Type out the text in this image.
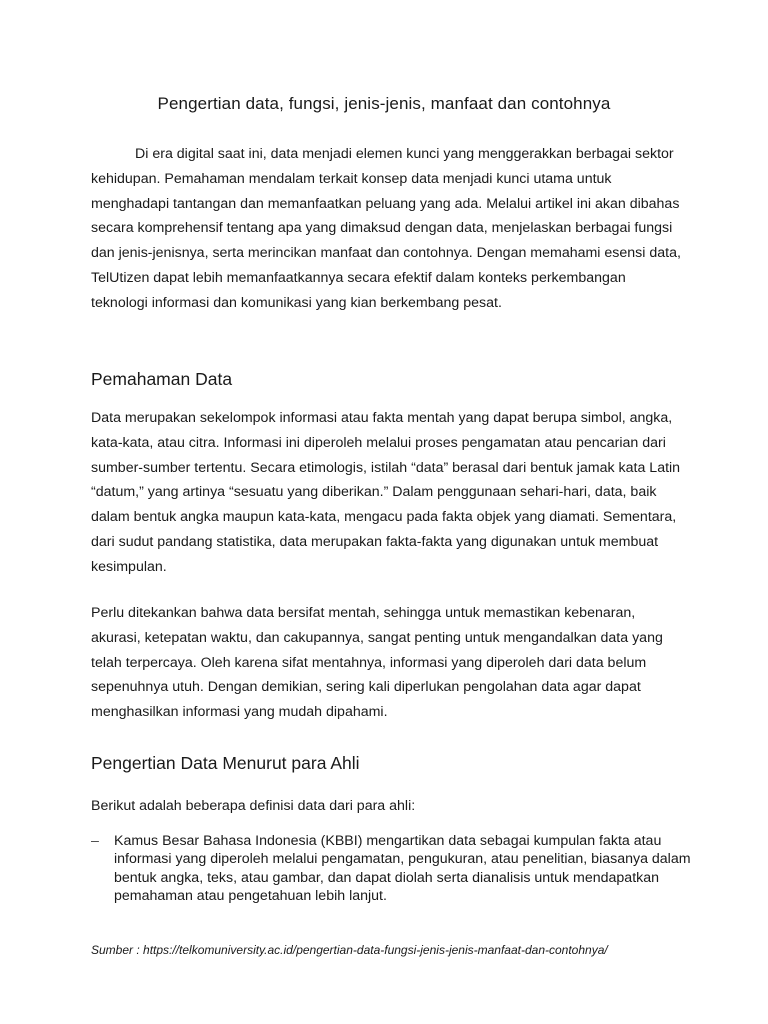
Pengertian data, fungsi, jenis-jenis, manfaat dan contohnya

Di era digital saat ini, data menjadi elemen kunci yang menggerakkan berbagai sektor kehidupan. Pemahaman mendalam terkait konsep data menjadi kunci utama untuk menghadapi tantangan dan memanfaatkan peluang yang ada. Melalui artikel ini akan dibahas secara komprehensif tentang apa yang dimaksud dengan data, menjelaskan berbagai fungsi dan jenis-jenisnya, serta merincikan manfaat dan contohnya. Dengan memahami esensi data, TelUtizen dapat lebih memanfaatkannya secara efektif dalam konteks perkembangan teknologi informasi dan komunikasi yang kian berkembang pesat.

Pemahaman Data

Data merupakan sekelompok informasi atau fakta mentah yang dapat berupa simbol, angka, kata-kata, atau citra. Informasi ini diperoleh melalui proses pengamatan atau pencarian dari sumber-sumber tertentu. Secara etimologis, istilah “data” berasal dari bentuk jamak kata Latin “datum,” yang artinya “sesuatu yang diberikan.” Dalam penggunaan sehari-hari, data, baik dalam bentuk angka maupun kata-kata, mengacu pada fakta objek yang diamati. Sementara, dari sudut pandang statistika, data merupakan fakta-fakta yang digunakan untuk membuat kesimpulan.

Perlu ditekankan bahwa data bersifat mentah, sehingga untuk memastikan kebenaran, akurasi, ketepatan waktu, dan cakupannya, sangat penting untuk mengandalkan data yang telah terpercaya. Oleh karena sifat mentahnya, informasi yang diperoleh dari data belum sepenuhnya utuh. Dengan demikian, sering kali diperlukan pengolahan data agar dapat menghasilkan informasi yang mudah dipahami.

Pengertian Data Menurut para Ahli

Berikut adalah beberapa definisi data dari para ahli:

– Kamus Besar Bahasa Indonesia (KBBI) mengartikan data sebagai kumpulan fakta atau informasi yang diperoleh melalui pengamatan, pengukuran, atau penelitian, biasanya dalam bentuk angka, teks, atau gambar, dan dapat diolah serta dianalisis untuk mendapatkan pemahaman atau pengetahuan lebih lanjut.

Sumber : https://telkomuniversity.ac.id/pengertian-data-fungsi-jenis-jenis-manfaat-dan-contohnya/
